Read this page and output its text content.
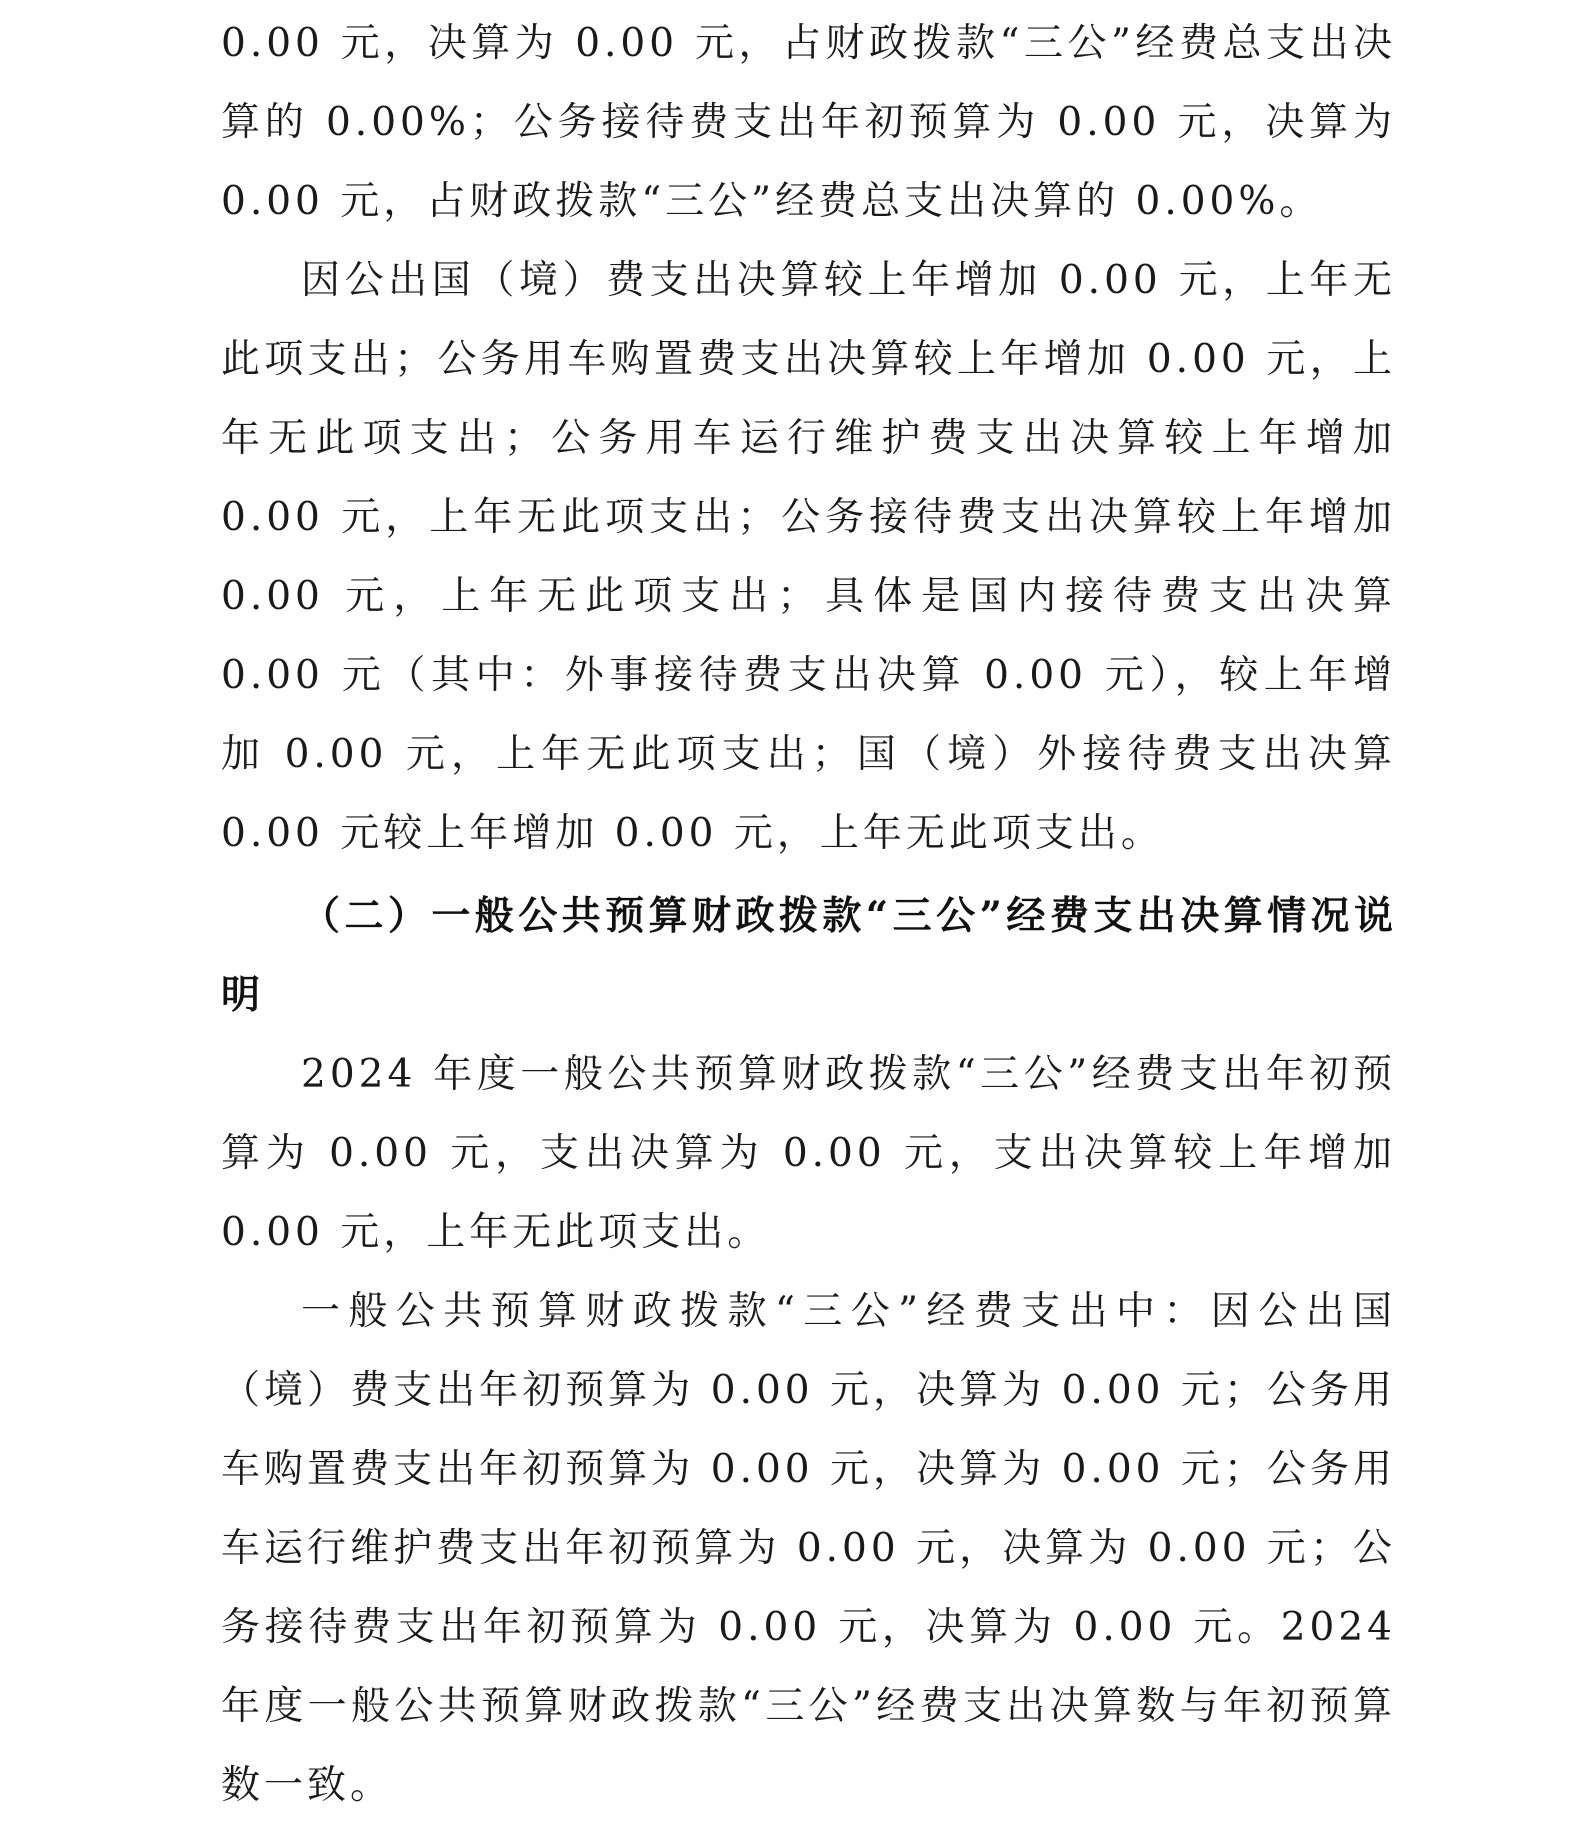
0.00 元，决算为 0.00 元，占财政拨款“三公”经费总支出决算的 0.00%；公务接待费支出年初预算为 0.00 元，决算为 0.00 元，占财政拨款“三公”经费总支出决算的 0.00%。

因公出国（境）费支出决算较上年增加 0.00 元，上年无此项支出；公务用车购置费支出决算较上年增加 0.00 元，上年无此项支出；公务用车运行维护费支出决算较上年增加 0.00 元，上年无此项支出；公务接待费支出决算较上年增加 0.00 元，上年无此项支出；具体是国内接待费支出决算 0.00 元（其中：外事接待费支出决算 0.00 元），较上年增加 0.00 元，上年无此项支出；国（境）外接待费支出决算 0.00 元较上年增加 0.00 元，上年无此项支出。

（二）一般公共预算财政拨款“三公”经费支出决算情况说明

2024 年度一般公共预算财政拨款“三公”经费支出年初预算为 0.00 元，支出决算为 0.00 元，支出决算较上年增加 0.00 元，上年无此项支出。

一般公共预算财政拨款“三公”经费支出中：因公出国（境）费支出年初预算为 0.00 元，决算为 0.00 元；公务用车购置费支出年初预算为 0.00 元，决算为 0.00 元；公务用车运行维护费支出年初预算为 0.00 元，决算为 0.00 元；公务接待费支出年初预算为 0.00 元，决算为 0.00 元。2024 年度一般公共预算财政拨款“三公”经费支出决算数与年初预算数一致。
